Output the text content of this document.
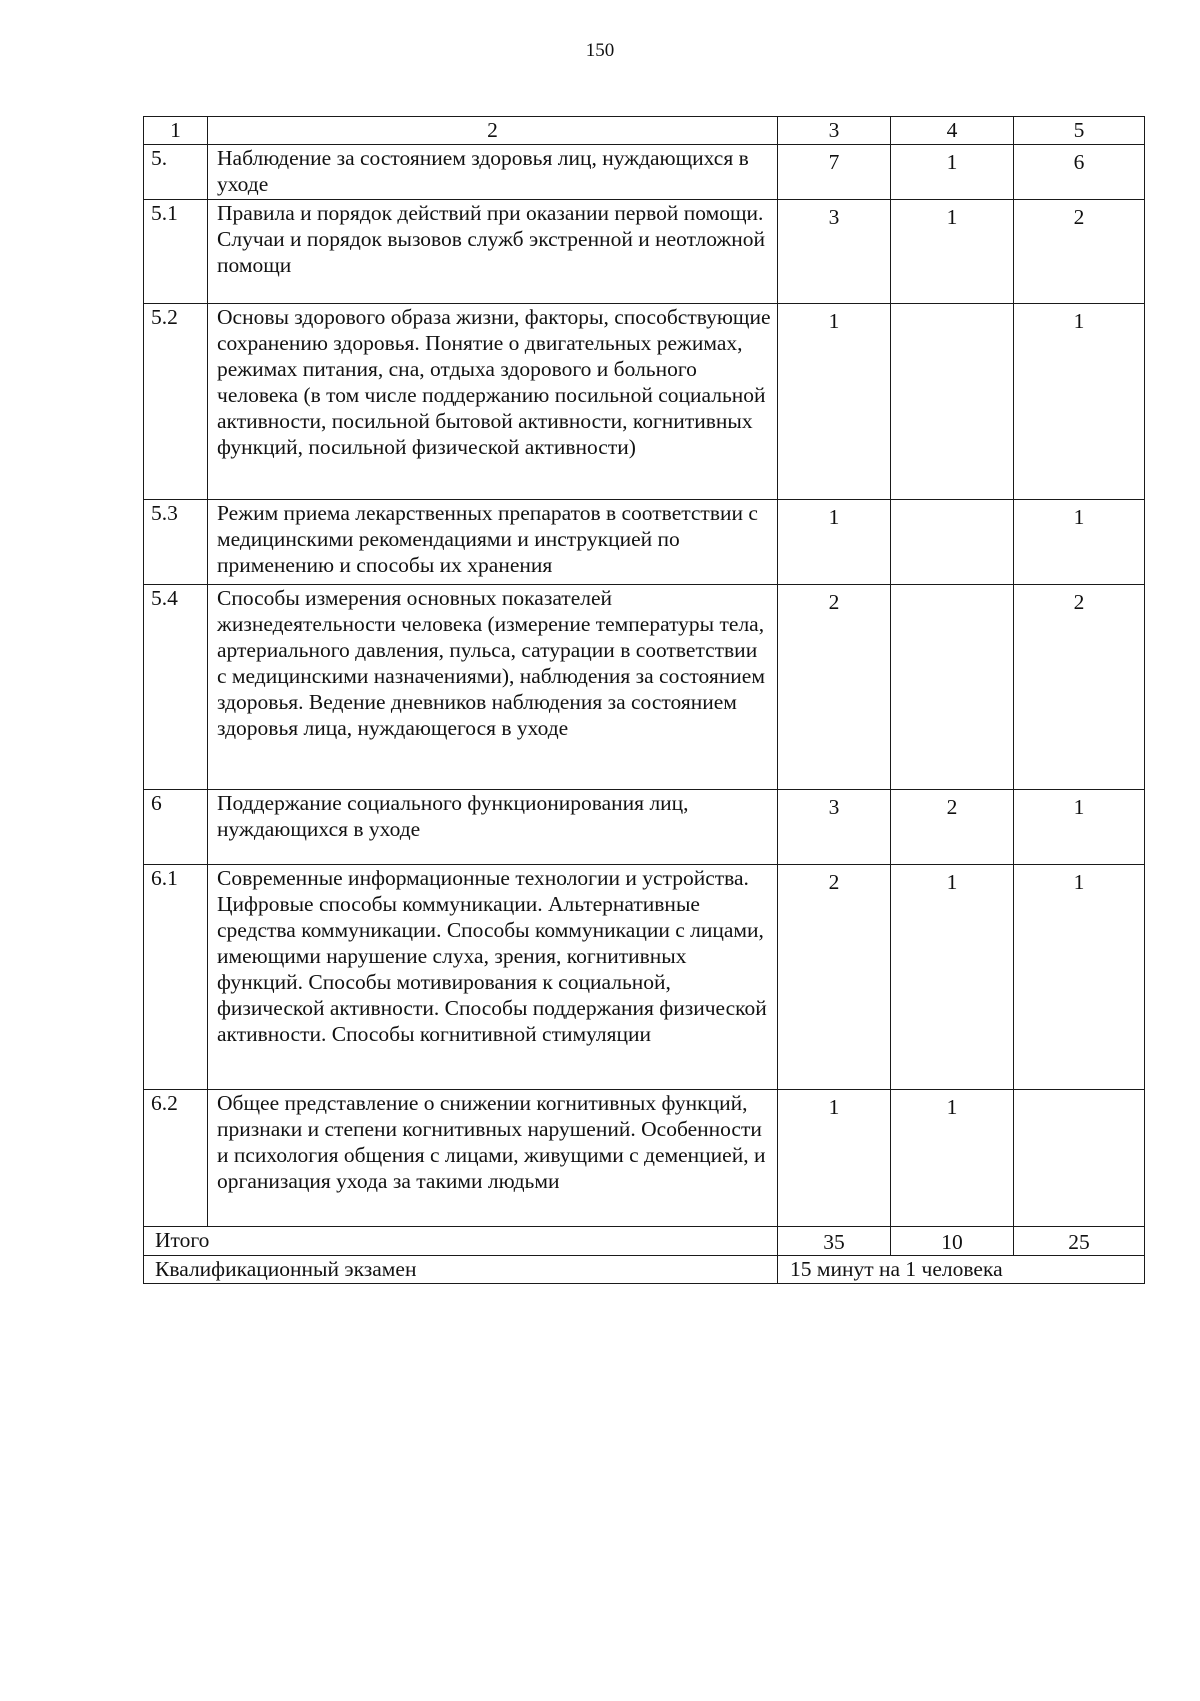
150
1	2	3	4	5
5.	Наблюдение за состоянием здоровья лиц, нуждающихся в уходе	7	1	6
5.1	Правила и порядок действий при оказании первой помощи. Случаи и порядок вызовов служб экстренной и неотложной помощи	3	1	2
5.2	Основы здорового образа жизни, факторы, способствующие сохранению здоровья. Понятие о двигательных режимах, режимах питания, сна, отдыха здорового и больного человека (в том числе поддержанию посильной социальной активности, посильной бытовой активности, когнитивных функций, посильной физической активности)	1		1
5.3	Режим приема лекарственных препаратов в соответствии с медицинскими рекомендациями и инструкцией по применению и способы их хранения	1		1
5.4	Способы измерения основных показателей жизнедеятельности человека (измерение температуры тела, артериального давления, пульса, сатурации в соответствии с медицинскими назначениями), наблюдения за состоянием здоровья. Ведение дневников наблюдения за состоянием здоровья лица, нуждающегося в уходе	2		2
6	Поддержание социального функционирования лиц, нуждающихся в уходе	3	2	1
6.1	Современные информационные технологии и устройства. Цифровые способы коммуникации. Альтернативные средства коммуникации. Способы коммуникации с лицами, имеющими нарушение слуха, зрения, когнитивных функций. Способы мотивирования к социальной, физической активности. Способы поддержания физической активности. Способы когнитивной стимуляции	2	1	1
6.2	Общее представление о снижении когнитивных функций, признаки и степени когнитивных нарушений. Особенности и психология общения с лицами, живущими с деменцией, и организация ухода за такими людьми	1	1	
Итого		35	10	25
Квалификационный экзамен		15 минут на 1 человека		
